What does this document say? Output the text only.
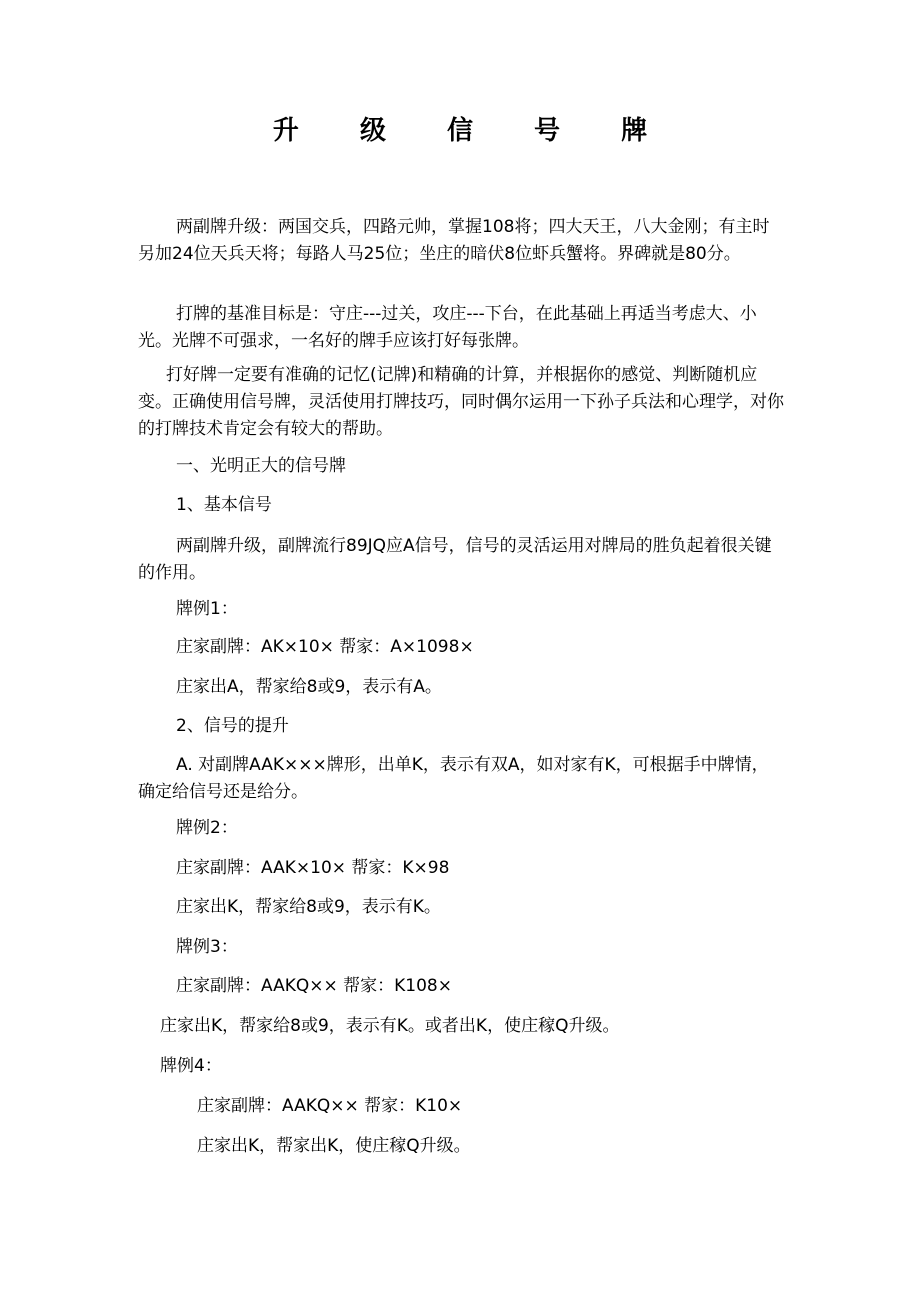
升 级 信 号 牌

两副牌升级：两国交兵，四路元帅，掌握108将；四大天王，八大金刚；有主时另加24位天兵天将；每路人马25位；坐庄的暗伏8位虾兵蟹将。界碑就是80分。

打牌的基准目标是：守庄---过关，攻庄---下台，在此基础上再适当考虑大、小光。光牌不可强求，一名好的牌手应该打好每张牌。

打好牌一定要有准确的记忆(记牌)和精确的计算，并根据你的感觉、判断随机应变。正确使用信号牌，灵活使用打牌技巧，同时偶尔运用一下孙子兵法和心理学，对你的打牌技术肯定会有较大的帮助。

一、光明正大的信号牌

1、基本信号

两副牌升级，副牌流行89JQ应A信号，信号的灵活运用对牌局的胜负起着很关键的作用。

牌例1：

庄家副牌：AK×10× 帮家：A×1098×

庄家出A，帮家给8或9，表示有A。

2、信号的提升

A. 对副牌AAK×××牌形，出单K，表示有双A，如对家有K，可根据手中牌情，确定给信号还是给分。

牌例2：

庄家副牌：AAK×10× 帮家：K×98

庄家出K，帮家给8或9，表示有K。

牌例3：

庄家副牌：AAKQ×× 帮家：K108×

庄家出K，帮家给8或9，表示有K。或者出K，使庄稼Q升级。

牌例4：

庄家副牌：AAKQ×× 帮家：K10×

庄家出K，帮家出K，使庄稼Q升级。
